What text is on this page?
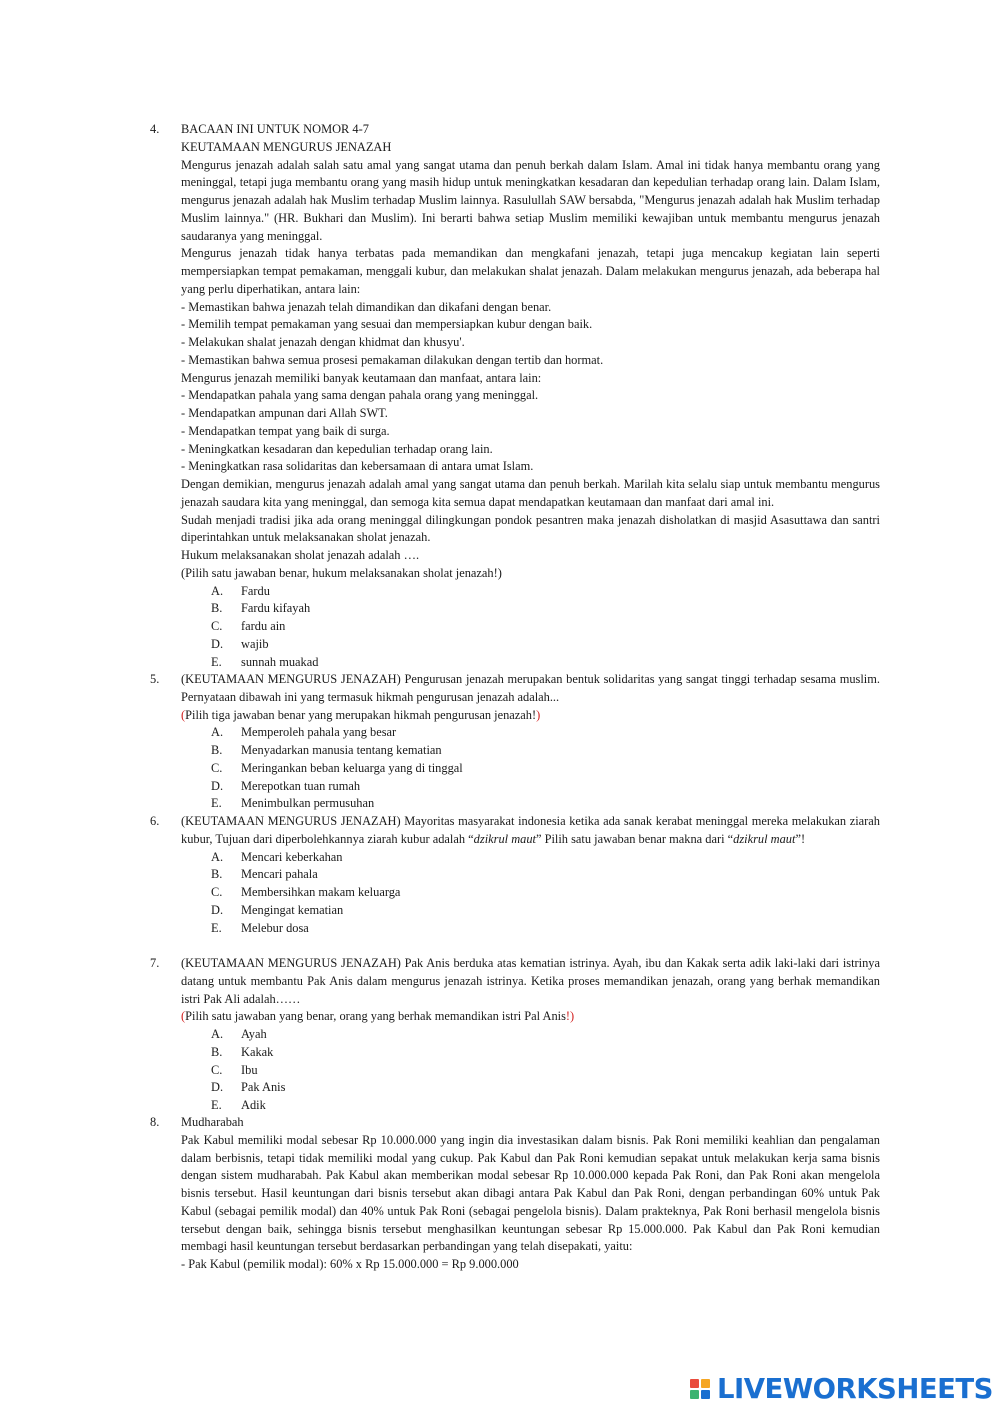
4.	BACAAN INI UNTUK NOMOR 4-7

KEUTAMAAN MENGURUS JENAZAH

Mengurus jenazah adalah salah satu amal yang sangat utama dan penuh berkah dalam Islam. Amal ini tidak hanya membantu orang yang meninggal, tetapi juga membantu orang yang masih hidup untuk meningkatkan kesadaran dan kepedulian terhadap orang lain. Dalam Islam, mengurus jenazah adalah hak Muslim terhadap Muslim lainnya. Rasulullah SAW bersabda, "Mengurus jenazah adalah hak Muslim terhadap Muslim lainnya." (HR. Bukhari dan Muslim). Ini berarti bahwa setiap Muslim memiliki kewajiban untuk membantu mengurus jenazah saudaranya yang meninggal.

Mengurus jenazah tidak hanya terbatas pada memandikan dan mengkafani jenazah, tetapi juga mencakup kegiatan lain seperti mempersiapkan tempat pemakaman, menggali kubur, dan melakukan shalat jenazah. Dalam melakukan mengurus jenazah, ada beberapa hal yang perlu diperhatikan, antara lain:

- Memastikan bahwa jenazah telah dimandikan dan dikafani dengan benar.

- Memilih tempat pemakaman yang sesuai dan mempersiapkan kubur dengan baik.

- Melakukan shalat jenazah dengan khidmat dan khusyu'.

- Memastikan bahwa semua prosesi pemakaman dilakukan dengan tertib dan hormat.

Mengurus jenazah memiliki banyak keutamaan dan manfaat, antara lain:

- Mendapatkan pahala yang sama dengan pahala orang yang meninggal.

- Mendapatkan ampunan dari Allah SWT.

- Mendapatkan tempat yang baik di surga.

- Meningkatkan kesadaran dan kepedulian terhadap orang lain.

- Meningkatkan rasa solidaritas dan kebersamaan di antara umat Islam.

Dengan demikian, mengurus jenazah adalah amal yang sangat utama dan penuh berkah. Marilah kita selalu siap untuk membantu mengurus jenazah saudara kita yang meninggal, dan semoga kita semua dapat mendapatkan keutamaan dan manfaat dari amal ini.

Sudah menjadi tradisi jika ada orang meninggal dilingkungan pondok pesantren maka jenazah disholatkan di masjid Asasuttawa dan santri diperintahkan untuk melaksanakan sholat jenazah.

Hukum melaksanakan sholat jenazah adalah ….

(Pilih satu jawaban benar, hukum melaksanakan sholat jenazah!)

A. Fardu

B. Fardu kifayah

C. fardu ain

D. wajib

E. sunnah muakad

5.	(KEUTAMAAN MENGURUS JENAZAH) Pengurusan jenazah merupakan bentuk solidaritas yang sangat tinggi terhadap sesama muslim. Pernyataan dibawah ini yang termasuk hikmah pengurusan jenazah adalah...

(Pilih tiga jawaban benar yang merupakan hikmah pengurusan jenazah!)

A. Memperoleh pahala yang besar

B. Menyadarkan manusia tentang kematian

C. Meringankan beban keluarga yang di tinggal

D. Merepotkan tuan rumah

E. Menimbulkan permusuhan

6.	(KEUTAMAAN MENGURUS JENAZAH) Mayoritas masyarakat indonesia ketika ada sanak kerabat meninggal mereka melakukan ziarah kubur, Tujuan dari diperbolehkannya ziarah kubur adalah “dzikrul maut” Pilih satu jawaban benar makna dari “dzikrul maut”!

A. Mencari keberkahan

B. Mencari pahala

C. Membersihkan makam keluarga

D. Mengingat kematian

E. Melebur dosa

7.	(KEUTAMAAN MENGURUS JENAZAH) Pak Anis berduka atas kematian istrinya. Ayah, ibu dan Kakak serta adik laki-laki dari istrinya datang untuk membantu Pak Anis dalam mengurus jenazah istrinya. Ketika proses memandikan jenazah, orang yang berhak memandikan istri Pak Ali adalah……

(Pilih satu jawaban yang benar, orang yang berhak memandikan istri Pal Anis!)

A. Ayah

B. Kakak

C. Ibu

D. Pak Anis

E. Adik

8.	Mudharabah

Pak Kabul memiliki modal sebesar Rp 10.000.000 yang ingin dia investasikan dalam bisnis. Pak Roni memiliki keahlian dan pengalaman dalam berbisnis, tetapi tidak memiliki modal yang cukup. Pak Kabul dan Pak Roni kemudian sepakat untuk melakukan kerja sama bisnis dengan sistem mudharabah. Pak Kabul akan memberikan modal sebesar Rp 10.000.000 kepada Pak Roni, dan Pak Roni akan mengelola bisnis tersebut. Hasil keuntungan dari bisnis tersebut akan dibagi antara Pak Kabul dan Pak Roni, dengan perbandingan 60% untuk Pak Kabul (sebagai pemilik modal) dan 40% untuk Pak Roni (sebagai pengelola bisnis). Dalam prakteknya, Pak Roni berhasil mengelola bisnis tersebut dengan baik, sehingga bisnis tersebut menghasilkan keuntungan sebesar Rp 15.000.000. Pak Kabul dan Pak Roni kemudian membagi hasil keuntungan tersebut berdasarkan perbandingan yang telah disepakati, yaitu:

- Pak Kabul (pemilik modal): 60% x Rp 15.000.000 = Rp 9.000.000

LIVEWORKSHEETS
